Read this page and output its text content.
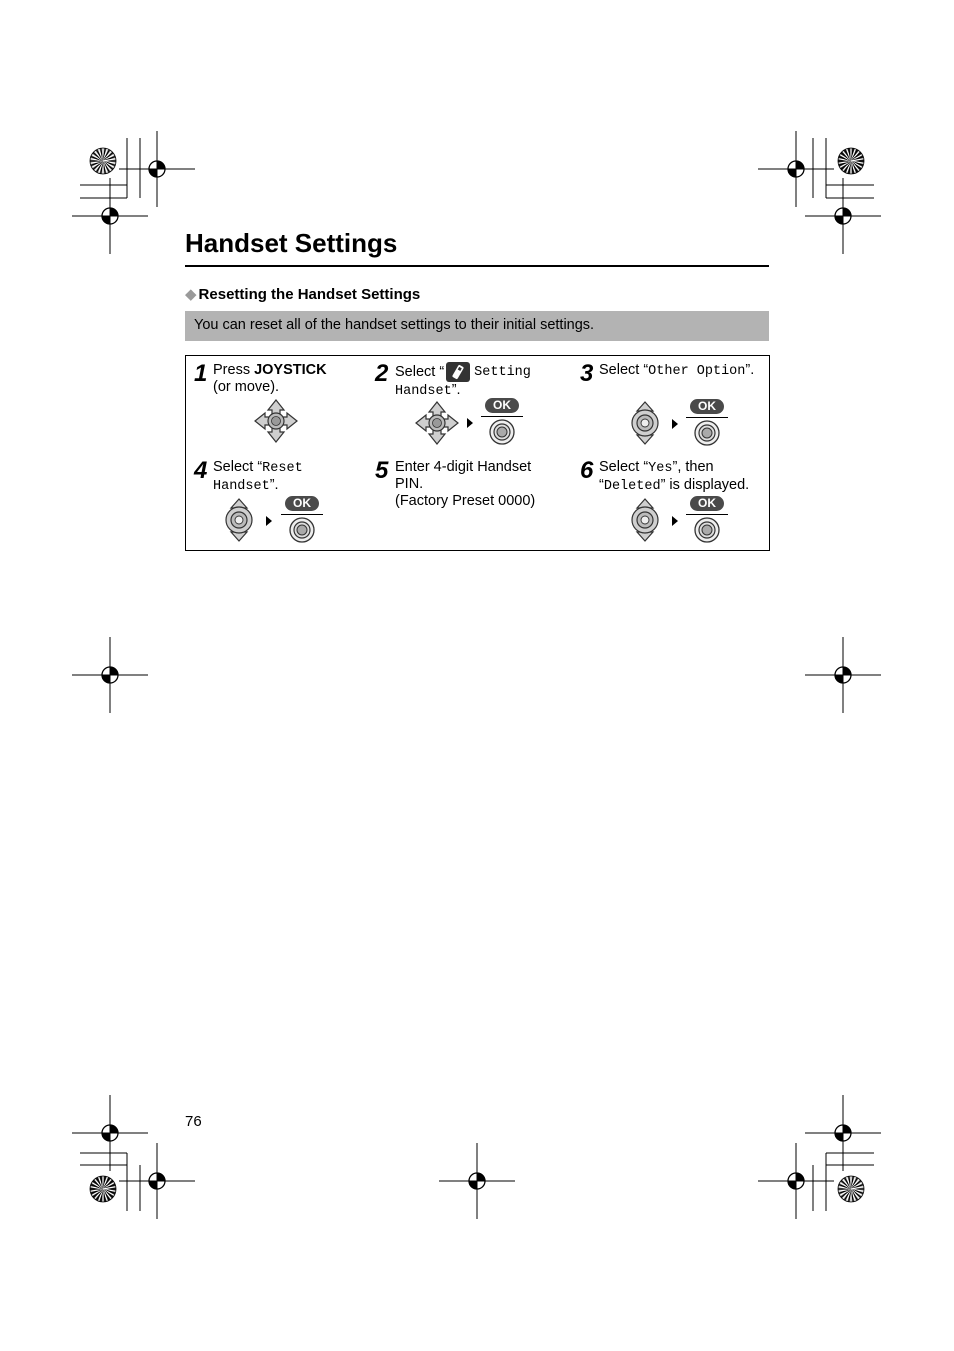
Handset Settings
◆ Resetting the Handset Settings
You can reset all of the handset settings to their initial settings.
1 Press JOYSTICK
(or move).	2 Select “ Setting
Handset”.
OK
3 Select “Other Option”.
OK
4 Select “Reset
Handset”.
OK
5 Enter 4-digit Handset
PIN.
(Factory Preset 0000)
6 Select “Yes”, then
“Deleted” is displayed.
OK
76
